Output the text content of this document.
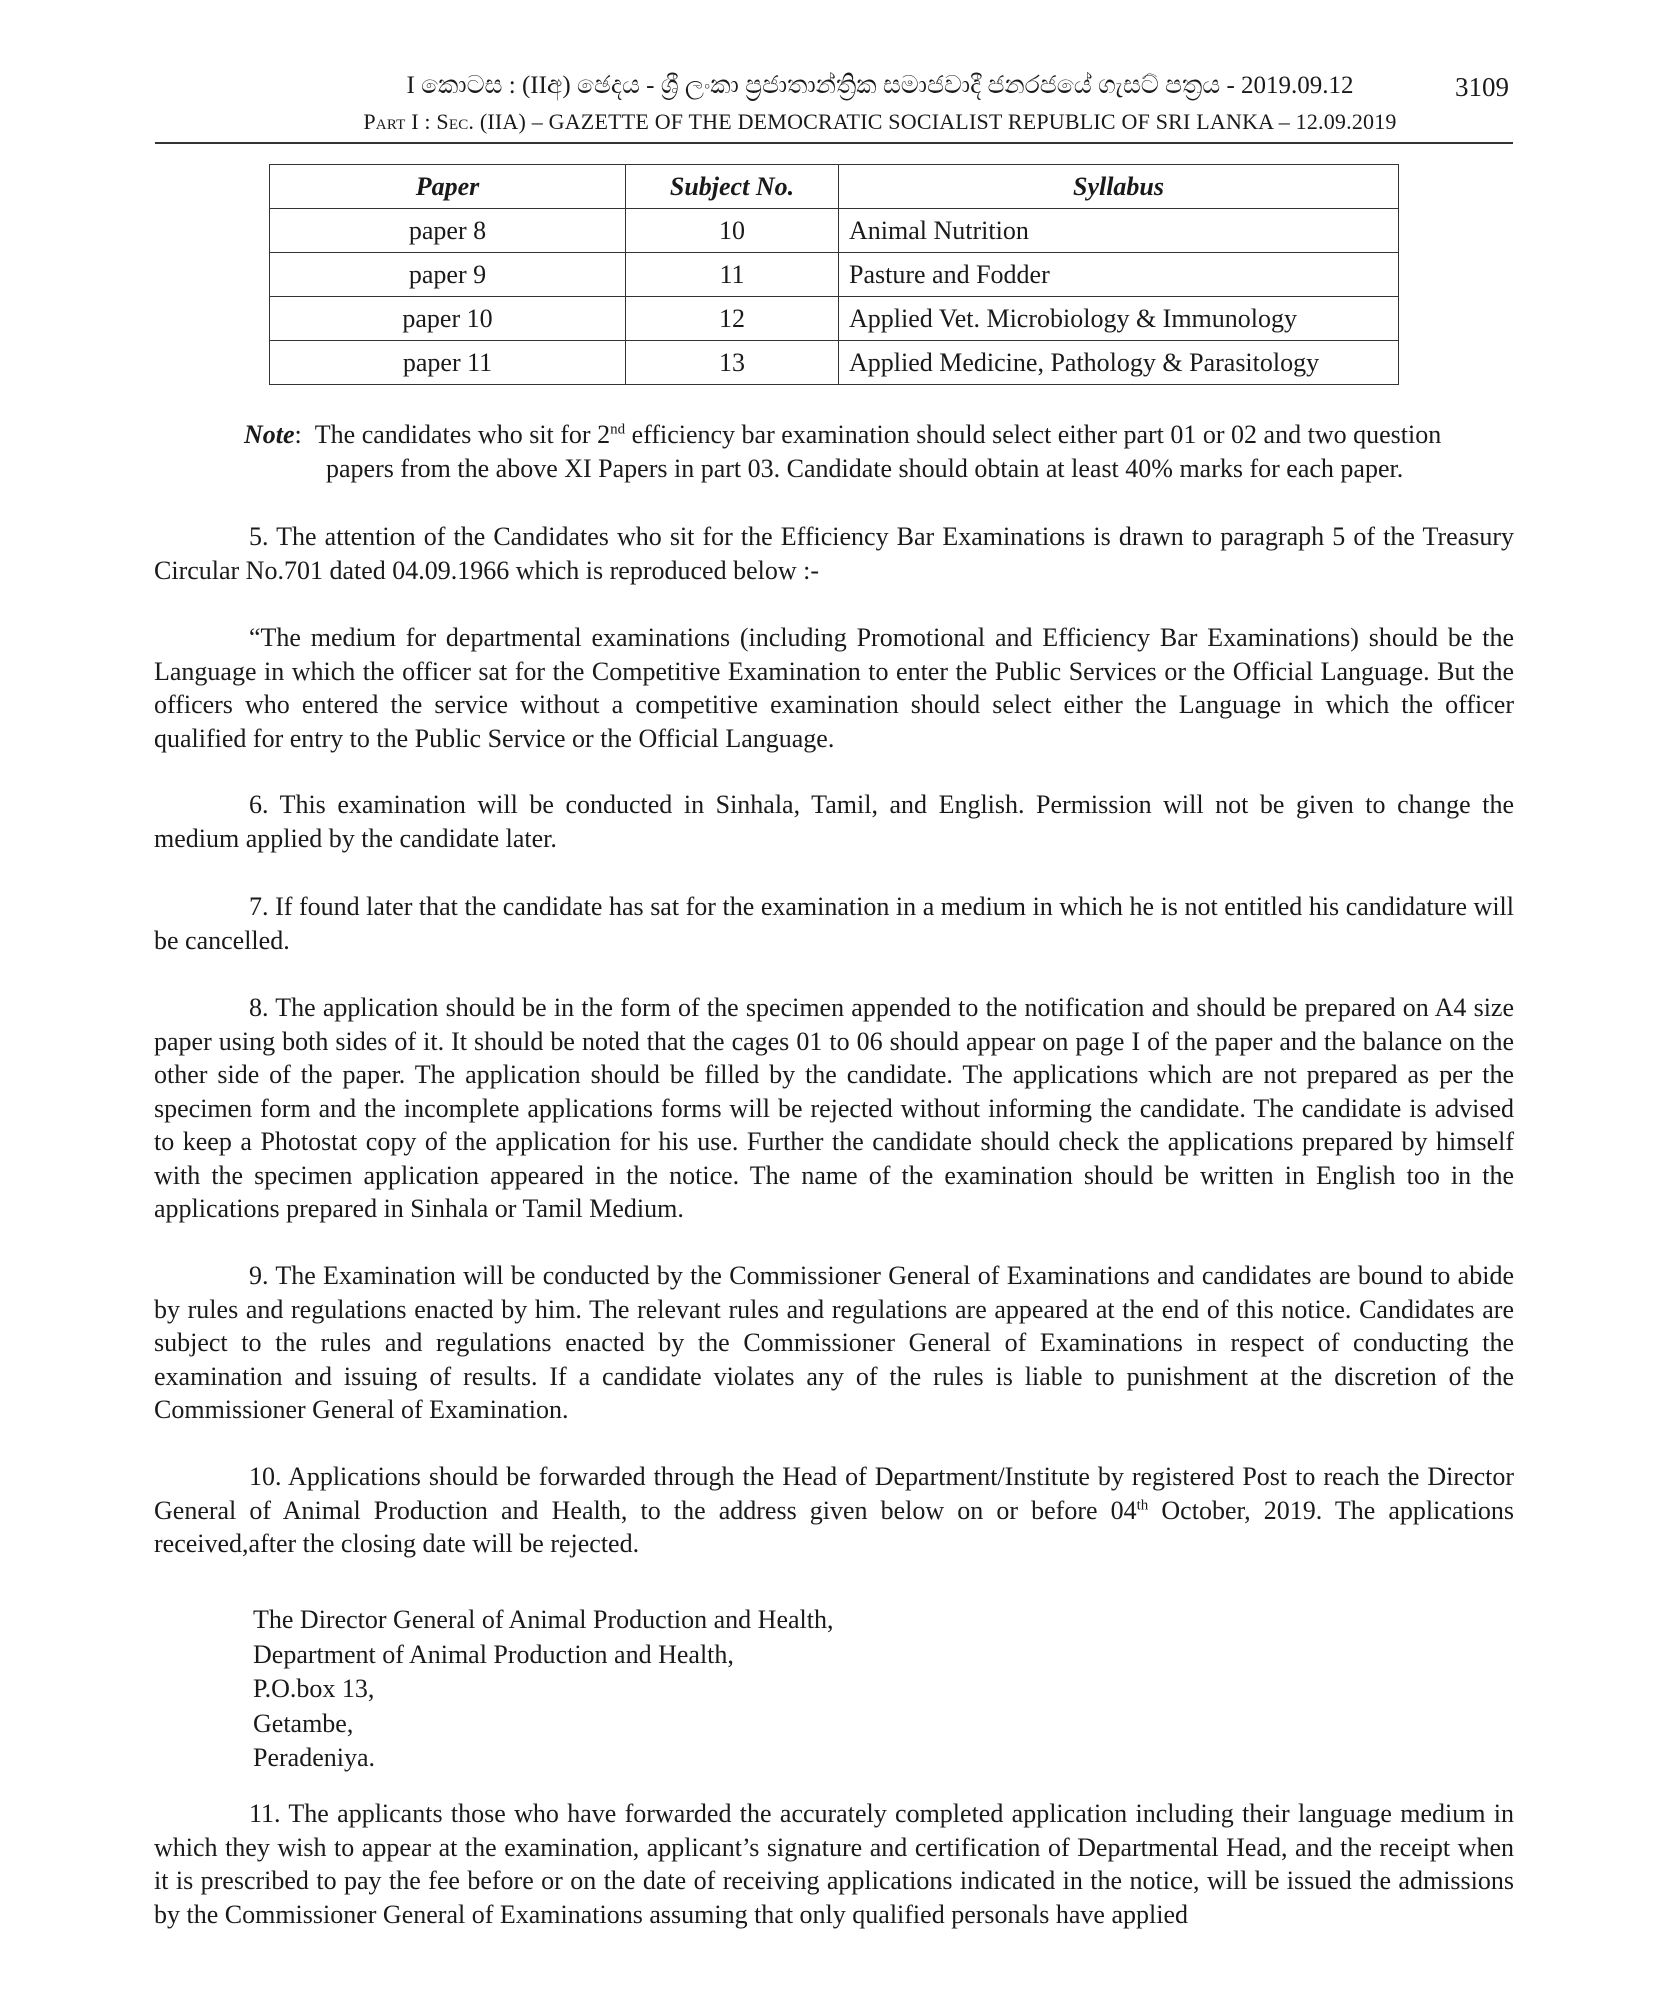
I කොටස : (IIඅ) ඡෙදය - ශ්‍රී ලංකා ප්‍රජාතාන්ත්‍රික සමාජවාදී ජනරජයේ ගැසට් පත්‍රය - 2019.09.12
Part I : Sec. (IIA) – GAZETTE OF THE DEMOCRATIC SOCIALIST REPUBLIC OF SRI LANKA – 12.09.2019
3109
Paper	Subject No.	Syllabus
paper 8	10	Animal Nutrition
paper 9	11	Pasture and Fodder
paper 10	12	Applied Vet. Microbiology & Immunology
paper 11	13	Applied Medicine, Pathology & Parasitology
Note:  The candidates who sit for 2nd efficiency bar examination should select either part 01 or 02 and two question
papers from the above XI Papers in part 03. Candidate should obtain at least 40% marks for each paper.
5. The attention of the Candidates who sit for the Efficiency Bar Examinations is drawn to paragraph 5 of the Treasury Circular No.701 dated 04.09.1966 which is reproduced below :-
“The medium for departmental examinations (including Promotional and Efficiency Bar Examinations) should be the Language in which the officer sat for the Competitive Examination to enter the Public Services or the Official Language. But the officers who entered the service without a competitive examination should select either the Language in which the officer qualified for entry to the Public Service or the Official Language.
6. This examination will be conducted in Sinhala, Tamil, and English. Permission will not be given to change the medium applied by the candidate later.
7. If found later that the candidate has sat for the examination in a medium in which he is not entitled his candidature will be cancelled.
8. The application should be in the form of the specimen appended to the notification and should be prepared on A4 size paper using both sides of it. It should be noted that the cages 01 to 06 should appear on page I of the paper and the balance on the other side of the paper. The application should be filled by the candidate. The applications which are not prepared as per the specimen form and the incomplete applications forms will be rejected without informing the candidate. The candidate is advised to keep a Photostat copy of the application for his use. Further the candidate should check the applications prepared by himself with the specimen application appeared in the notice. The name of the examination should be written in English too in the applications prepared in Sinhala or Tamil Medium.
9. The Examination will be conducted by the Commissioner General of Examinations and candidates are bound to abide by rules and regulations enacted by him. The relevant rules and regulations are appeared at the end of this notice. Candidates are subject to the rules and regulations enacted by the Commissioner General of Examinations in respect of conducting the examination and issuing of results. If a candidate violates any of the rules is liable to punishment at the discretion of the Commissioner General of Examination.
10. Applications should be forwarded through the Head of Department/Institute by registered Post to reach the Director General of Animal Production and Health, to the address given below on or before 04th October, 2019. The applications received,after the closing date will be rejected.
The Director General of Animal Production and Health,
Department of Animal Production and Health,
P.O.box 13,
Getambe,
Peradeniya.
11. The applicants those who have forwarded the accurately completed application including their language medium in which they wish to appear at the examination, applicant’s signature and certification of Departmental Head, and the receipt when it is prescribed to pay the fee before or on the date of receiving applications indicated in the notice, will be issued the admissions by the Commissioner General of Examinations assuming that only qualified personals have applied
